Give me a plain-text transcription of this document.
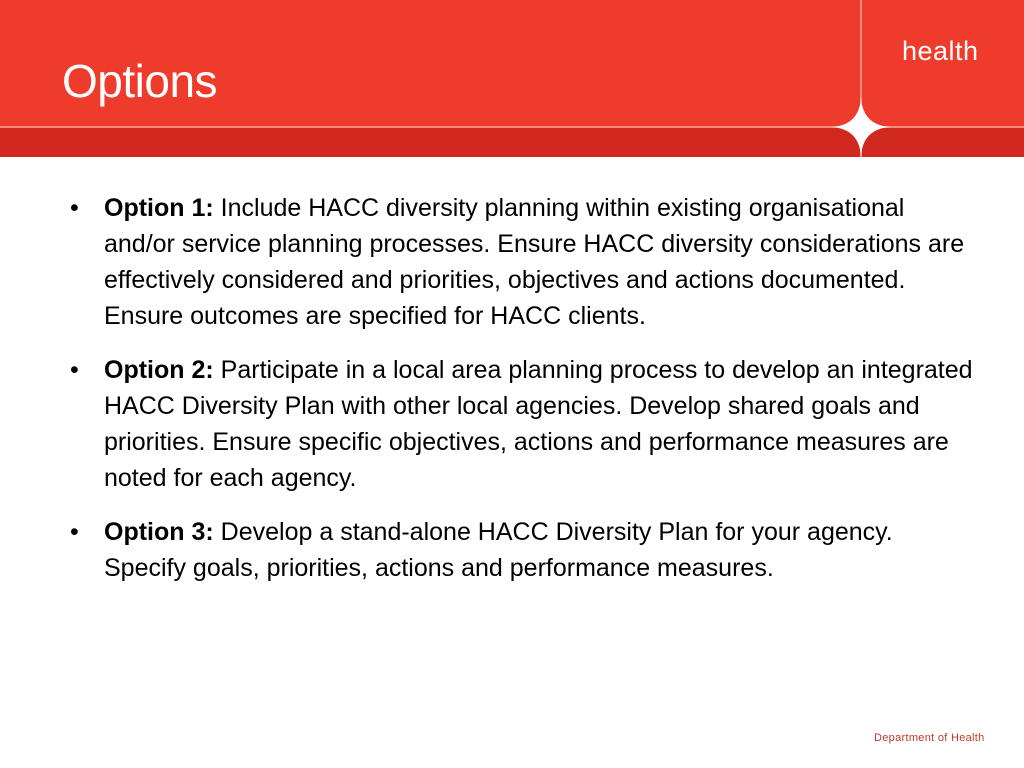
Options
health
•	Option 1: Include HACC diversity planning within existing organisational and/or service planning processes. Ensure HACC diversity considerations are effectively considered and priorities, objectives and actions documented. Ensure outcomes are specified for HACC clients.
•	Option 2: Participate in a local area planning process to develop an integrated HACC Diversity Plan with other local agencies. Develop shared goals and priorities. Ensure specific objectives, actions and performance measures are noted for each agency.
•	Option 3: Develop a stand-alone HACC Diversity Plan for your agency. Specify goals, priorities, actions and performance measures.
Department of Health
